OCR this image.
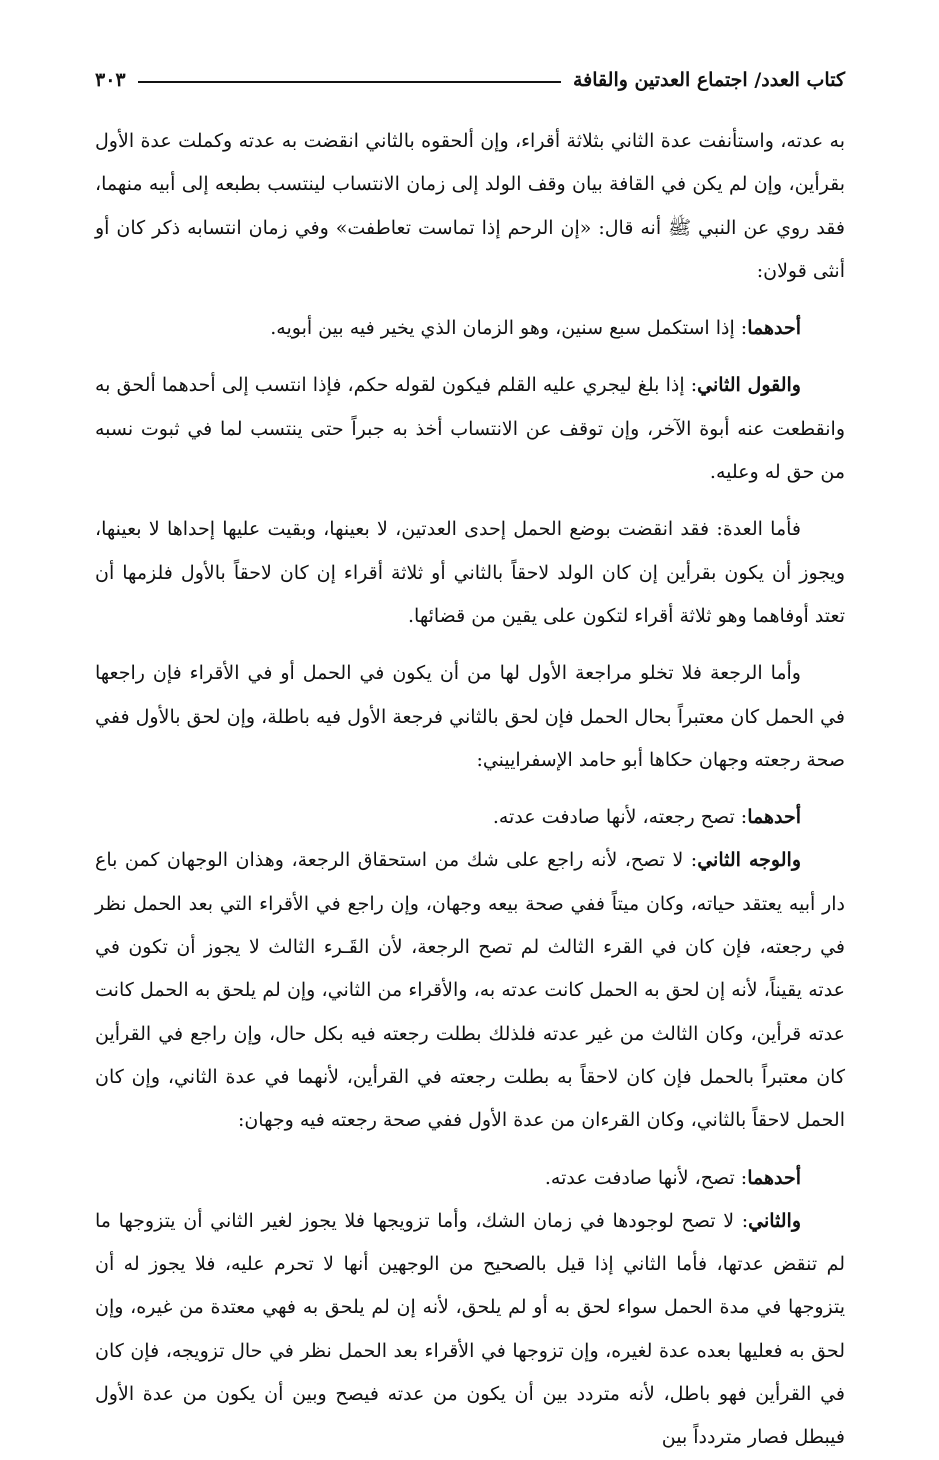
كتاب العدد/ اجتماع العدتين والقافة
٣٠٣

به عدته، واستأنفت عدة الثاني بثلاثة أقراء، وإن ألحقوه بالثاني انقضت به عدته وكملت عدة الأول بقرأين، وإن لم يكن في القافة بيان وقف الولد إلى زمان الانتساب لينتسب بطبعه إلى أبيه منهما، فقد روي عن النبي ﷺ أنه قال: «إن الرحم إذا تماست تعاطفت» وفي زمان انتسابه ذكر كان أو أنثى قولان:

أحدهما: إذا استكمل سبع سنين، وهو الزمان الذي يخير فيه بين أبويه.

والقول الثاني: إذا بلغ ليجري عليه القلم فيكون لقوله حكم، فإذا انتسب إلى أحدهما ألحق به وانقطعت عنه أبوة الآخر، وإن توقف عن الانتساب أخذ به جبراً حتى ينتسب لما في ثبوت نسبه من حق له وعليه.

فأما العدة: فقد انقضت بوضع الحمل إحدى العدتين، لا بعينها، وبقيت عليها إحداها لا بعينها، ويجوز أن يكون بقرأين إن كان الولد لاحقاً بالثاني أو ثلاثة أقراء إن كان لاحقاً بالأول فلزمها أن تعتد أوفاهما وهو ثلاثة أقراء لتكون على يقين من قضائها.

وأما الرجعة فلا تخلو مراجعة الأول لها من أن يكون في الحمل أو في الأقراء فإن راجعها في الحمل كان معتبراً بحال الحمل فإن لحق بالثاني فرجعة الأول فيه باطلة، وإن لحق بالأول ففي صحة رجعته وجهان حكاها أبو حامد الإسفراييني:

أحدهما: تصح رجعته، لأنها صادفت عدته.

والوجه الثاني: لا تصح، لأنه راجع على شك من استحقاق الرجعة، وهذان الوجهان كمن باع دار أبيه يعتقد حياته، وكان ميتاً ففي صحة بيعه وجهان، وإن راجع في الأقراء التي بعد الحمل نظر في رجعته، فإن كان في القرء الثالث لم تصح الرجعة، لأن القَـرء الثالث لا يجوز أن تكون في عدته يقيناً، لأنه إن لحق به الحمل كانت عدته به، والأقراء من الثاني، وإن لم يلحق به الحمل كانت عدته قرأين، وكان الثالث من غير عدته فلذلك بطلت رجعته فيه بكل حال، وإن راجع في القرأين كان معتبراً بالحمل فإن كان لاحقاً به بطلت رجعته في القرأين، لأنهما في عدة الثاني، وإن كان الحمل لاحقاً بالثاني، وكان القرءان من عدة الأول ففي صحة رجعته فيه وجهان:

أحدهما: تصح، لأنها صادفت عدته.

والثاني: لا تصح لوجودها في زمان الشك، وأما تزويجها فلا يجوز لغير الثاني أن يتزوجها ما لم تنقض عدتها، فأما الثاني إذا قيل بالصحيح من الوجهين أنها لا تحرم عليه، فلا يجوز له أن يتزوجها في مدة الحمل سواء لحق به أو لم يلحق، لأنه إن لم يلحق به فهي معتدة من غيره، وإن لحق به فعليها بعده عدة لغيره، وإن تزوجها في الأقراء بعد الحمل نظر في حال تزويجه، فإن كان في القرأين فهو باطل، لأنه متردد بين أن يكون من عدته فيصح وبين أن يكون من عدة الأول فيبطل فصار متردداً بين
